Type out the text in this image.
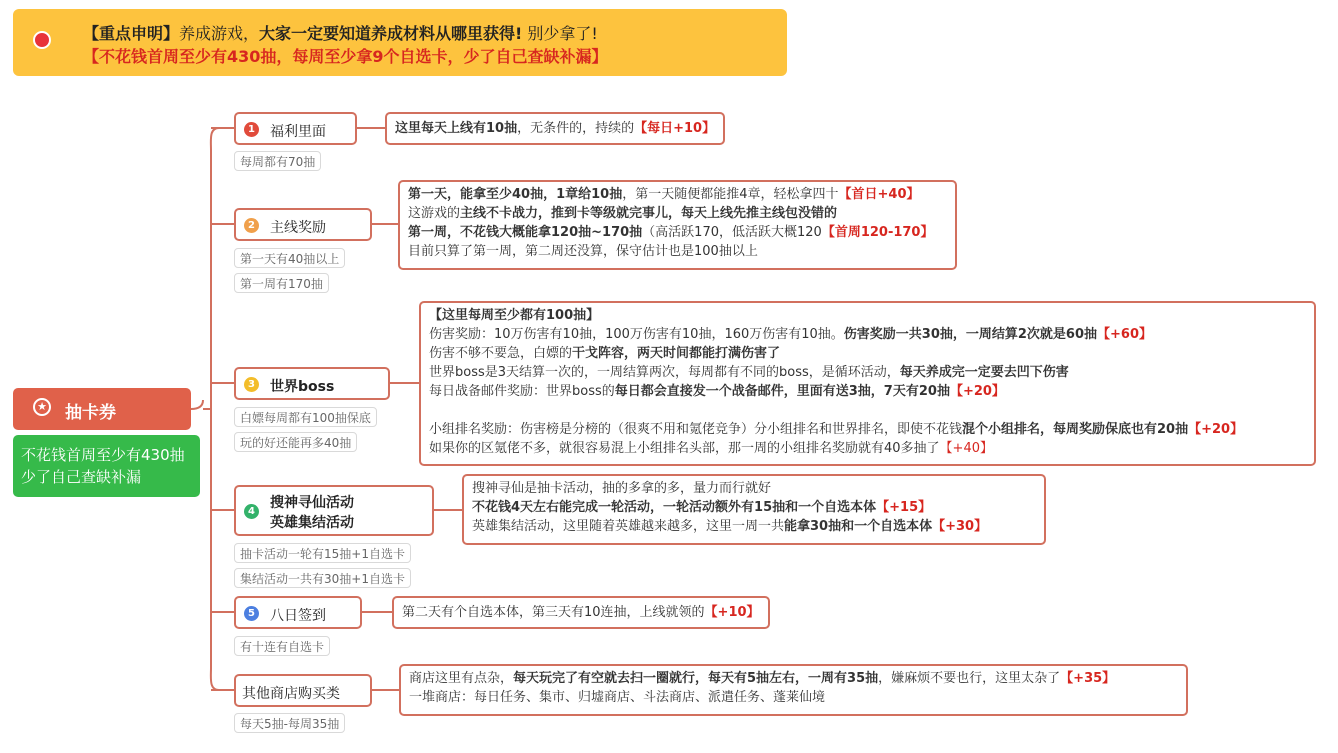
【重点申明】养成游戏，大家一定要知道养成材料从哪里获得! 别少拿了!
【不花钱首周至少有430抽，每周至少拿9个自选卡，少了自己查缺补漏】
★ 抽卡券
不花钱首周至少有430抽
少了自己查缺补漏
1 福利里面
每周都有70抽
这里每天上线有10抽，无条件的，持续的【每日+10】
2 主线奖励
第一天有40抽以上
第一周有170抽
第一天，能拿至少40抽，1章给10抽，第一天随便都能推4章，轻松拿四十【首日+40】
这游戏的主线不卡战力，推到卡等级就完事儿，每天上线先推主线包没错的
第一周，不花钱大概能拿120抽~170抽（高活跃170，低活跃大概120【首周120-170】
目前只算了第一周，第二周还没算，保守估计也是100抽以上
3 世界boss
白嫖每周都有100抽保底
玩的好还能再多40抽
【这里每周至少都有100抽】
伤害奖励：10万伤害有10抽，100万伤害有10抽，160万伤害有10抽。伤害奖励一共30抽，一周结算2次就是60抽【+60】
伤害不够不要急，白嫖的干戈阵容，两天时间都能打满伤害了
世界boss是3天结算一次的，一周结算两次，每周都有不同的boss，是循环活动，每天养成完一定要去凹下伤害
每日战备邮件奖励：世界boss的每日都会直接发一个战备邮件，里面有送3抽，7天有20抽【+20】
小组排名奖励：伤害榜是分榜的（很爽不用和氪佬竞争）分小组排名和世界排名，即使不花钱混个小组排名，每周奖励保底也有20抽【+20】
如果你的区氪佬不多，就很容易混上小组排名头部，那一周的小组排名奖励就有40多抽了【+40】
4
搜神寻仙活动
英雄集结活动
抽卡活动一轮有15抽+1自选卡
集结活动一共有30抽+1自选卡
搜神寻仙是抽卡活动，抽的多拿的多，量力而行就好
不花钱4天左右能完成一轮活动，一轮活动额外有15抽和一个自选本体【+15】
英雄集结活动，这里随着英雄越来越多，这里一周一共能拿30抽和一个自选本体【+30】
5 八日签到
有十连有自选卡
第二天有个自选本体，第三天有10连抽，上线就领的【+10】
其他商店购买类
每天5抽-每周35抽
商店这里有点杂，每天玩完了有空就去扫一圈就行，每天有5抽左右，一周有35抽，嫌麻烦不要也行，这里太杂了【+35】
一堆商店：每日任务、集市、归墟商店、斗法商店、派遣任务、蓬莱仙境
